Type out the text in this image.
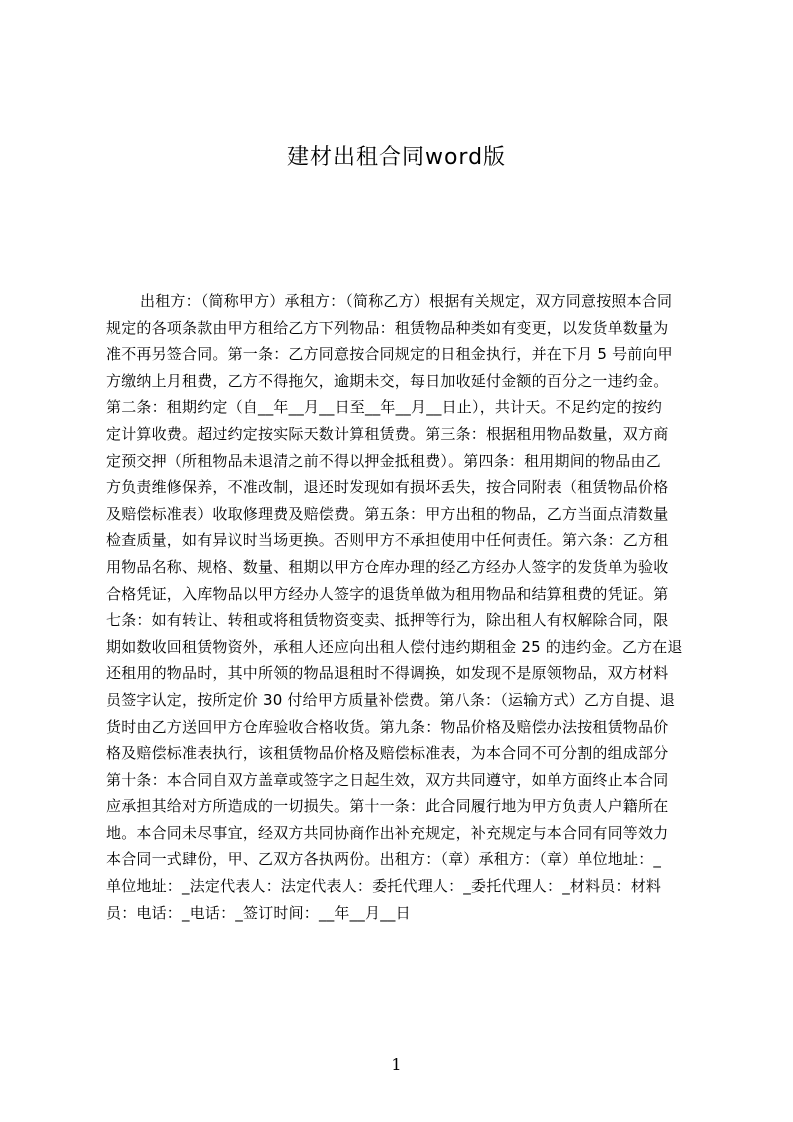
建材出租合同word版
出租方：（简称甲方）承租方：（简称乙方）根据有关规定，双方同意按照本合同
规定的各项条款由甲方租给乙方下列物品：租赁物品种类如有变更，以发货单数量为
准不再另签合同。第一条：乙方同意按合同规定的日租金执行，并在下月 5 号前向甲
方缴纳上月租费，乙方不得拖欠，逾期未交，每日加收延付金额的百分之一违约金。
第二条：租期约定（自__年__月__日至__年__月__日止），共计天。不足约定的按约
定计算收费。超过约定按实际天数计算租赁费。第三条：根据租用物品数量，双方商
定预交押（所租物品未退清之前不得以押金抵租费）。第四条：租用期间的物品由乙
方负责维修保养，不准改制，退还时发现如有损坏丢失，按合同附表（租赁物品价格
及赔偿标准表）收取修理费及赔偿费。第五条：甲方出租的物品，乙方当面点清数量
检查质量，如有异议时当场更换。否则甲方不承担使用中任何责任。第六条：乙方租
用物品名称、规格、数量、租期以甲方仓库办理的经乙方经办人签字的发货单为验收
合格凭证，入库物品以甲方经办人签字的退货单做为租用物品和结算租费的凭证。第
七条：如有转让、转租或将租赁物资变卖、抵押等行为，除出租人有权解除合同，限
期如数收回租赁物资外，承租人还应向出租人偿付违约期租金 25 的违约金。乙方在退
还租用的物品时，其中所领的物品退租时不得调换，如发现不是原领物品，双方材料
员签字认定，按所定价 30 付给甲方质量补偿费。第八条：（运输方式）乙方自提、退
货时由乙方送回甲方仓库验收合格收货。第九条：物品价格及赔偿办法按租赁物品价
格及赔偿标准表执行，该租赁物品价格及赔偿标准表，为本合同不可分割的组成部分
第十条：本合同自双方盖章或签字之日起生效，双方共同遵守，如单方面终止本合同
应承担其给对方所造成的一切损失。第十一条：此合同履行地为甲方负责人户籍所在
地。本合同未尽事宜，经双方共同协商作出补充规定，补充规定与本合同有同等效力
本合同一式肆份，甲、乙双方各执两份。出租方：（章）承租方：（章）单位地址：_
单位地址：_法定代表人：法定代表人：委托代理人：_委托代理人：_材料员：材料
员：电话：_电话：_签订时间：__年__月__日
1
